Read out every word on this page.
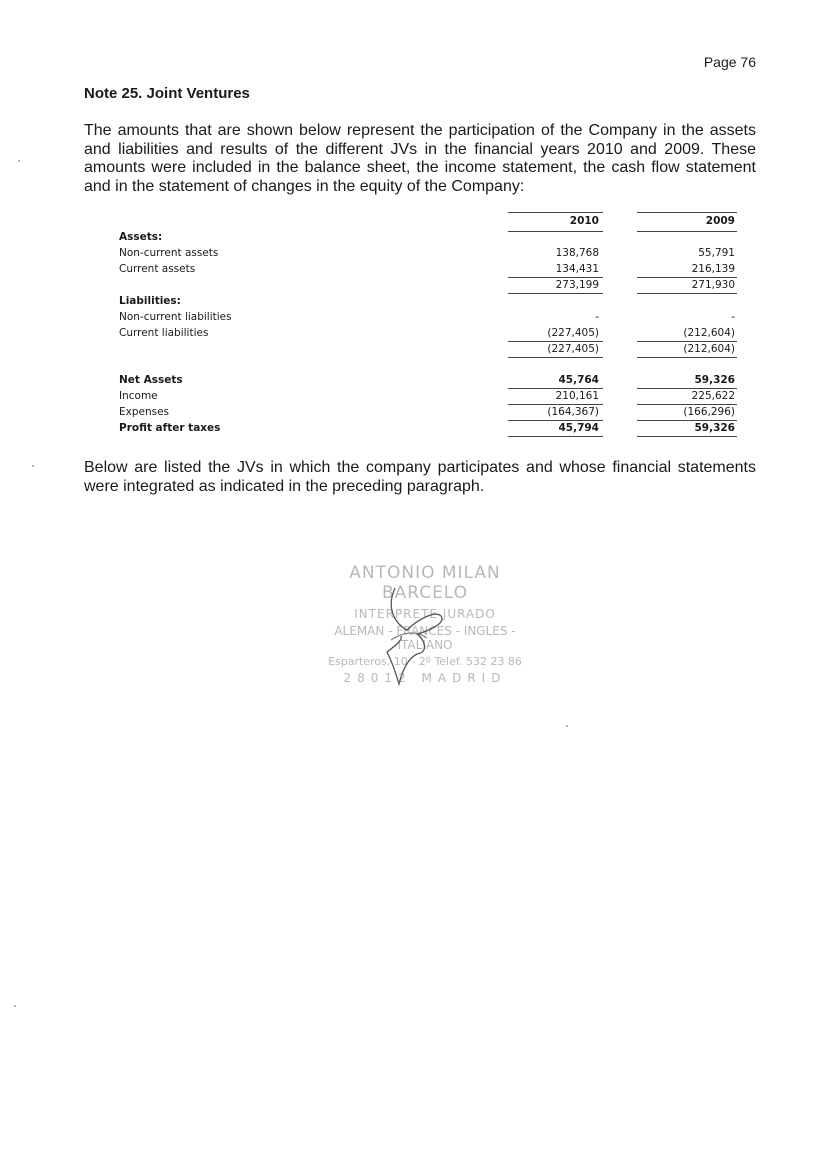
Page 76
Note 25. Joint Ventures

The amounts that are shown below represent the participation of the Company in the assets and liabilities and results of the different JVs in the financial years 2010 and 2009. These amounts were included in the balance sheet, the income statement, the cash flow statement and in the statement of changes in the equity of the Company:

2010	2009
Assets:
Non-current assets	138,768	55,791
Current assets	134,431	216,139
273,199	271,930
Liabilities:
Non-current liabilities	-	-
Current liabilities	(227,405)	(212,604)
(227,405)	(212,604)
Net Assets	45,764	59,326
Income	210,161	225,622
Expenses	(164,367)	(166,296)
Profit after taxes	45,794	59,326

Below are listed the JVs in which the company participates and whose financial statements were integrated as indicated in the preceding paragraph.

ANTONIO MILAN BARCELO
INTERPRETE JURADO
ALEMAN - FRANCES - INGLES - ITALIANO
Esparteros, 10 - 2º Telef. 532 23 86
28012 MADRID
